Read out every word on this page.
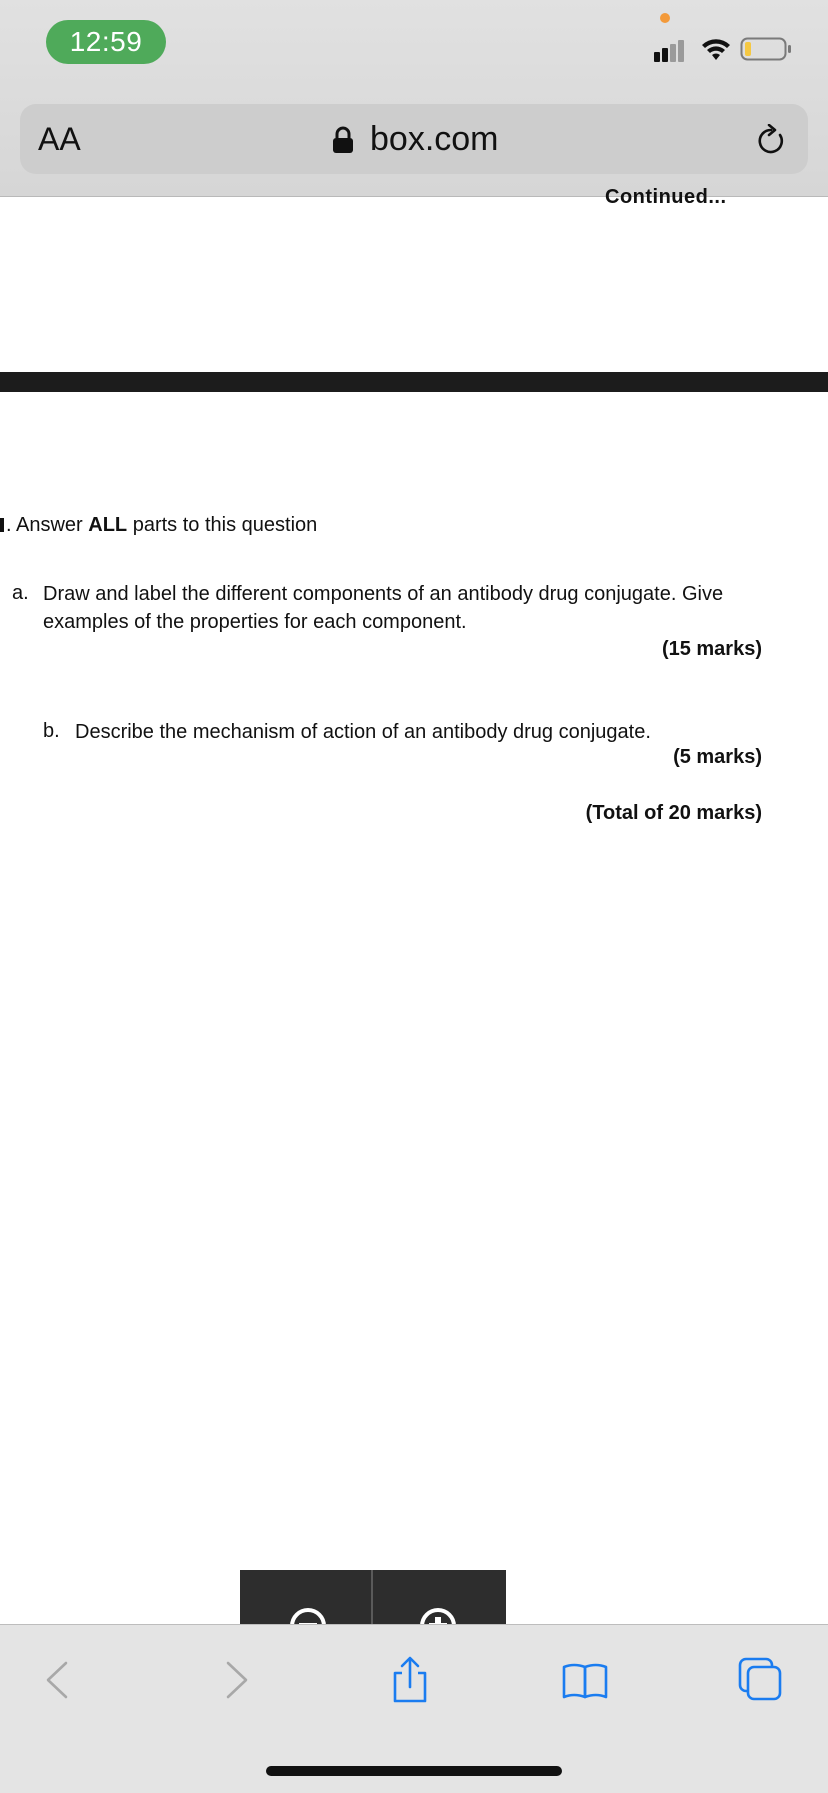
12:59
AA	box.com
Continued...
. Answer ALL parts to this question
a. Draw and label the different components of an antibody drug conjugate. Give
examples of the properties for each component.
(15 marks)
b. Describe the mechanism of action of an antibody drug conjugate.
(5 marks)
(Total of 20 marks)
